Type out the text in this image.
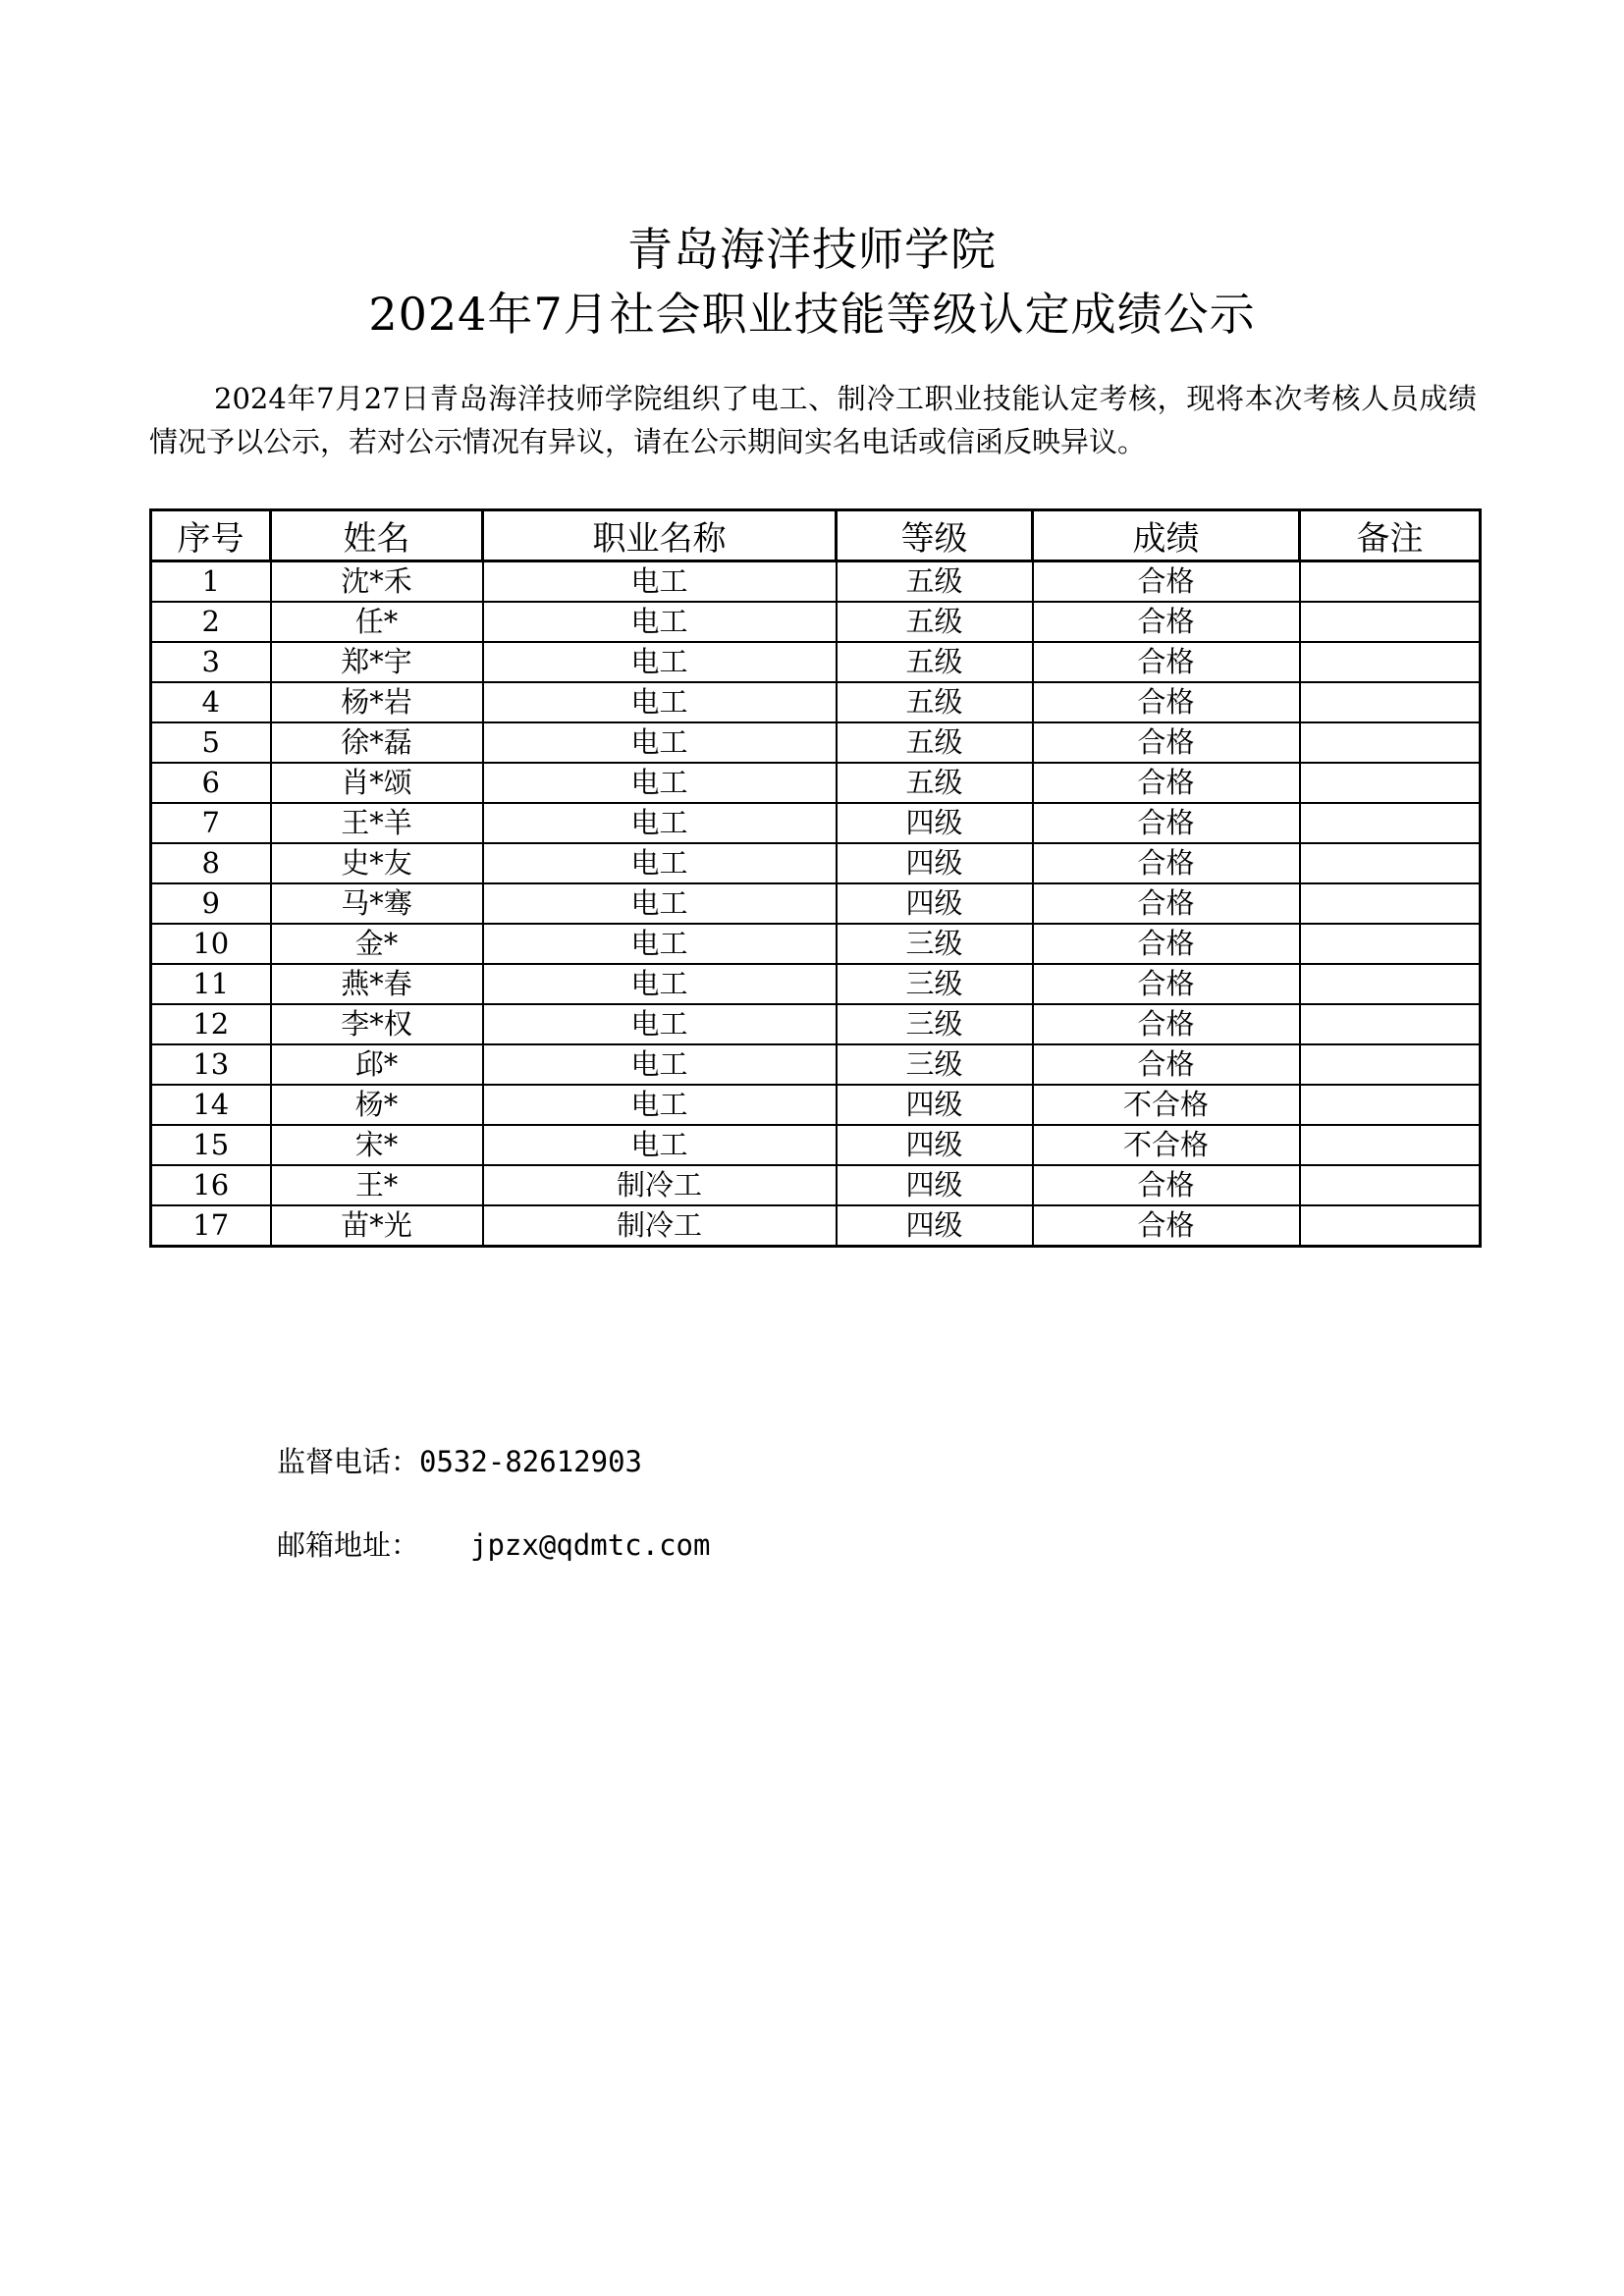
青岛海洋技师学院
2024年7月社会职业技能等级认定成绩公示
2024年7月27日青岛海洋技师学院组织了电工、制冷工职业技能认定考核，现将本次考核人员成绩情况予以公示，若对公示情况有异议，请在公示期间实名电话或信函反映异议。
序号	姓名	职业名称	等级	成绩	备注
1	沈*禾	电工	五级	合格	
2	任*	电工	五级	合格	
3	郑*宇	电工	五级	合格	
4	杨*岩	电工	五级	合格	
5	徐*磊	电工	五级	合格	
6	肖*颂	电工	五级	合格	
7	王*羊	电工	四级	合格	
8	史*友	电工	四级	合格	
9	马*骞	电工	四级	合格	
10	金*	电工	三级	合格	
11	燕*春	电工	三级	合格	
12	李*权	电工	三级	合格	
13	邱*	电工	三级	合格	
14	杨*	电工	四级	不合格	
15	宋*	电工	四级	不合格	
16	王*	制冷工	四级	合格	
17	苗*光	制冷工	四级	合格	
监督电话：0532-82612903
邮箱地址： jpzx@qdmtc.com
